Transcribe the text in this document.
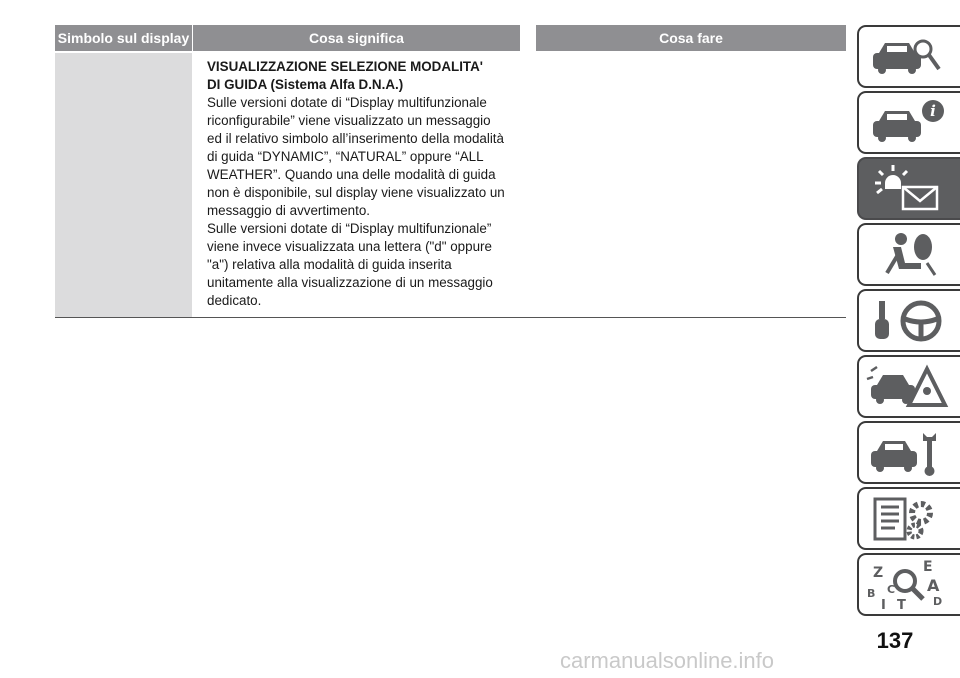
Simbolo sul display	Cosa significa	Cosa fare
VISUALIZZAZIONE SELEZIONE MODALITA'
DI GUIDA (Sistema Alfa D.N.A.)
Sulle versioni dotate di “Display multifunzionale
riconfigurabile” viene visualizzato un messaggio
ed il relativo simbolo all’inserimento della modalità
di guida “DYNAMIC”, “NATURAL” oppure “ALL
WEATHER”. Quando una delle modalità di guida
non è disponibile, sul display viene visualizzato un
messaggio di avvertimento.
Sulle versioni dotate di “Display multifunzionale”
viene invece visualizzata una lettera ("d" oppure
"a") relativa alla modalità di guida inserita
unitamente alla visualizzazione di un messaggio
dedicato.
i
Z	E
B	A
C
D
I T
137
carmanualsonline.info
